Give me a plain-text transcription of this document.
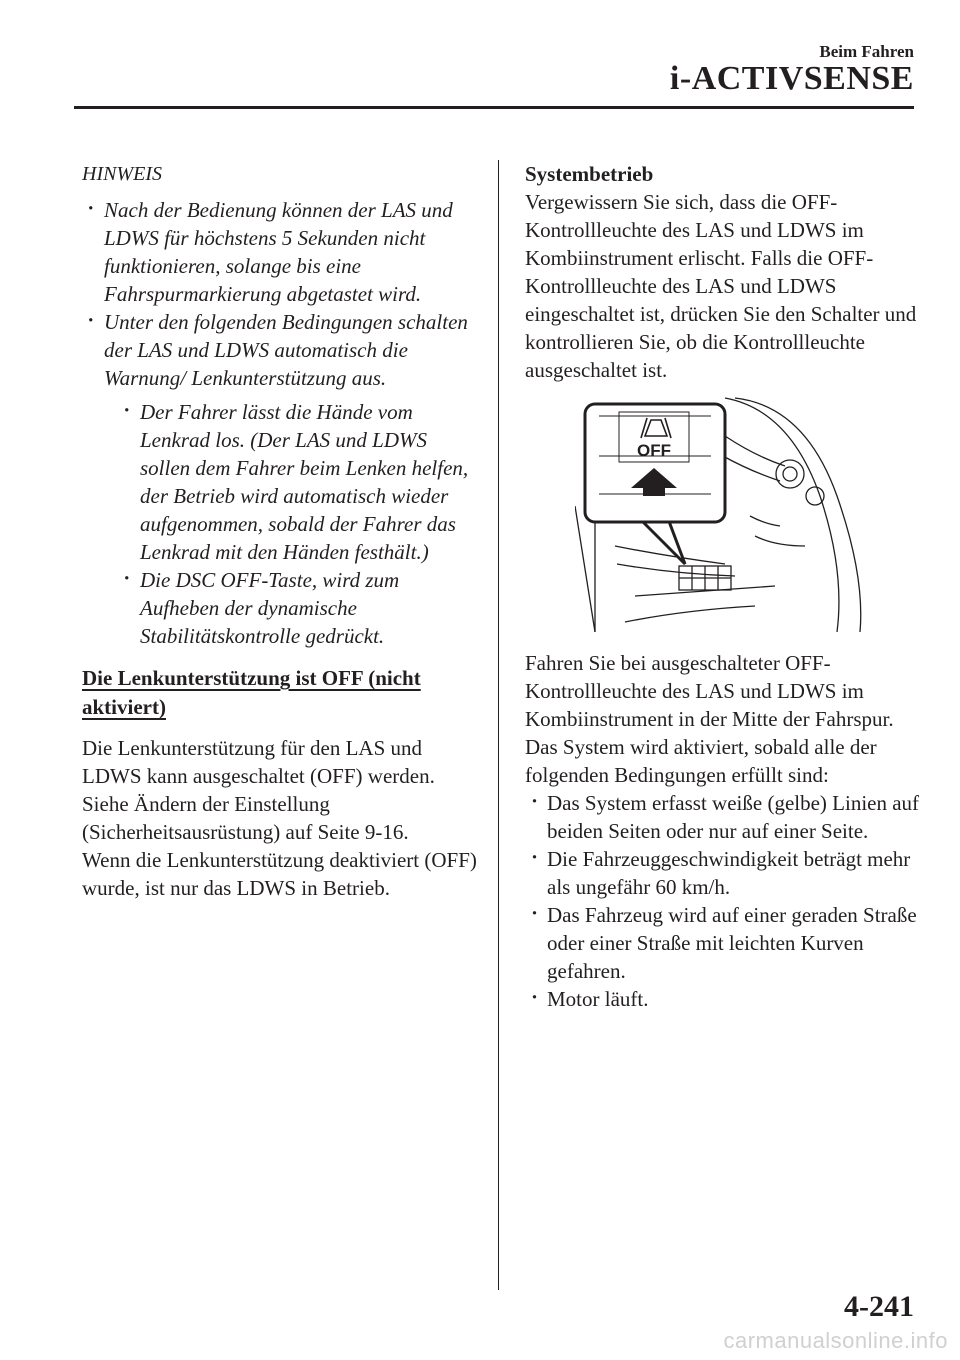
Beim Fahren
i-ACTIVSENSE
HINWEIS
· Nach der Bedienung können der LAS und LDWS für höchstens 5 Sekunden nicht funktionieren, solange bis eine Fahrspurmarkierung abgetastet wird.
· Unter den folgenden Bedingungen schalten der LAS und LDWS automatisch die Warnung/ Lenkunterstützung aus.
· Der Fahrer lässt die Hände vom Lenkrad los. (Der LAS und LDWS sollen dem Fahrer beim Lenken helfen, der Betrieb wird automatisch wieder aufgenommen, sobald der Fahrer das Lenkrad mit den Händen festhält.)
· Die DSC OFF-Taste, wird zum Aufheben der dynamische Stabilitätskontrolle gedrückt.
Die Lenkunterstützung ist OFF (nicht aktiviert)
Die Lenkunterstützung für den LAS und LDWS kann ausgeschaltet (OFF) werden. Siehe Ändern der Einstellung (Sicherheitsausrüstung) auf Seite 9-16.
Wenn die Lenkunterstützung deaktiviert (OFF) wurde, ist nur das LDWS in Betrieb.
Systembetrieb
Vergewissern Sie sich, dass die OFF-Kontrollleuchte des LAS und LDWS im Kombiinstrument erlischt. Falls die OFF-Kontrollleuchte des LAS und LDWS eingeschaltet ist, drücken Sie den Schalter und kontrollieren Sie, ob die Kontrollleuchte ausgeschaltet ist.
OFF
Fahren Sie bei ausgeschalteter OFF-Kontrollleuchte des LAS und LDWS im Kombiinstrument in der Mitte der Fahrspur.
Das System wird aktiviert, sobald alle der folgenden Bedingungen erfüllt sind:
· Das System erfasst weiße (gelbe) Linien auf beiden Seiten oder nur auf einer Seite.
· Die Fahrzeuggeschwindigkeit beträgt mehr als ungefähr 60 km/h.
· Das Fahrzeug wird auf einer geraden Straße oder einer Straße mit leichten Kurven gefahren.
· Motor läuft.
4-241
carmanualsonline.info
